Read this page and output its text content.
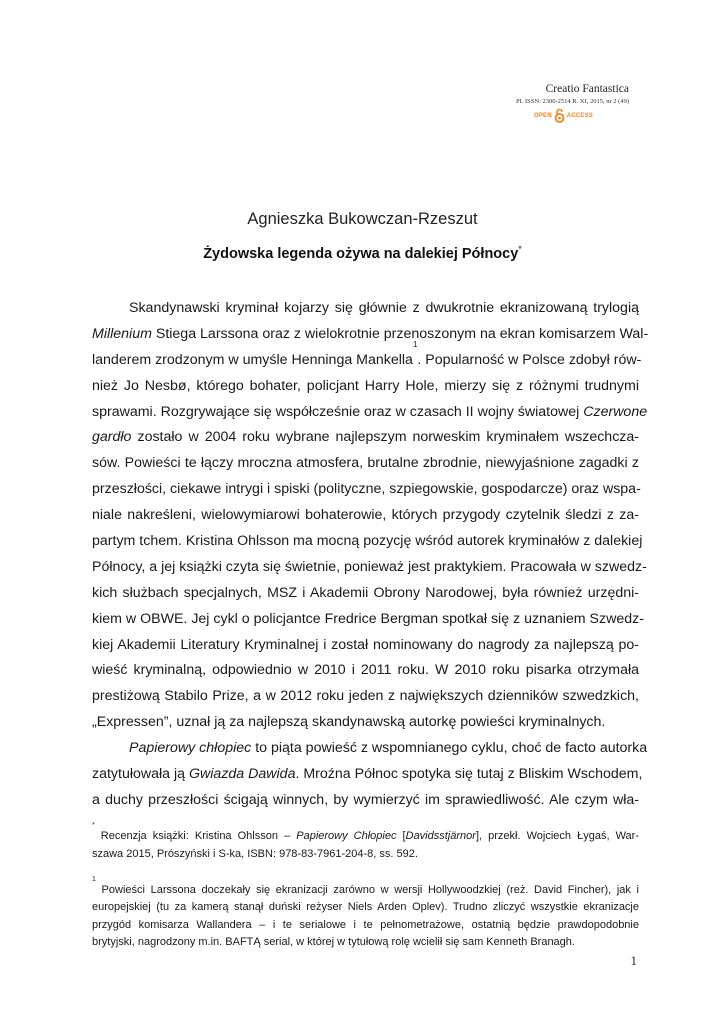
Creatio Fantastica
PL ISSN: 2300-2514 R. XI, 2015, nr 2 (49)
OPEN	ACCESS
Agnieszka Bukowczan-Rzeszut
Żydowska legenda ożywa na dalekiej Północy*
Skandynawski kryminał kojarzy się głównie z dwukrotnie ekranizowaną trylogią
Millenium Stiega Larssona oraz z wielokrotnie przenoszonym na ekran komisarzem Wal-
landerem zrodzonym w umyśle Henninga Mankella$^1$. Popularność w Polsce zdobył rów-
nież Jo Nesbø, którego bohater, policjant Harry Hole, mierzy się z różnymi trudnymi
sprawami. Rozgrywające się współcześnie oraz w czasach II wojny światowej Czerwone
gardło zostało w 2004 roku wybrane najlepszym norweskim kryminałem wszechcza-
sów. Powieści te łączy mroczna atmosfera, brutalne zbrodnie, niewyjaśnione zagadki z
przeszłości, ciekawe intrygi i spiski (polityczne, szpiegowskie, gospodarcze) oraz wspa-
niale nakreśleni, wielowymiarowi bohaterowie, których przygody czytelnik śledzi z za-
partym tchem. Kristina Ohlsson ma mocną pozycję wśród autorek kryminałów z dalekiej
Północy, a jej książki czyta się świetnie, ponieważ jest praktykiem. Pracowała w szwedz-
kich służbach specjalnych, MSZ i Akademii Obrony Narodowej, była również urzędni-
kiem w OBWE. Jej cykl o policjantce Fredrice Bergman spotkał się z uznaniem Szwedz-
kiej Akademii Literatury Kryminalnej i został nominowany do nagrody za najlepszą po-
wieść kryminalną, odpowiednio w 2010 i 2011 roku. W 2010 roku pisarka otrzymała
prestiżową Stabilo Prize, a w 2012 roku jeden z największych dzienników szwedzkich,
„Expressen”, uznał ją za najlepszą skandynawską autorkę powieści kryminalnych.
Papierowy chłopiec to piąta powieść z wspomnianego cyklu, choć de facto autorka
zatytułowała ją Gwiazda Dawida. Mroźna Północ spotyka się tutaj z Bliskim Wschodem,
a duchy przeszłości ścigają winnych, by wymierzyć im sprawiedliwość. Ale czym wła-
* Recenzja książki: Kristina Ohlsson – Papierowy Chłopiec [Davidsstjärnor], przekł. Wojciech Łygaś, War-
szawa 2015, Prószyński i S-ka, ISBN: 978-83-7961-204-8, ss. 592.
$^1$ Powieści Larssona doczekały się ekranizacji zarówno w wersji Hollywoodzkiej (reż. David Fincher), jak i
europejskiej (tu za kamerą stanął duński reżyser Niels Arden Oplev). Trudno zliczyć wszystkie ekranizacje
przygód komisarza Wallandera – i te serialowe i te pełnometrażowe, ostatnią będzie prawdopodobnie
brytyjski, nagrodzony m.in. BAFTĄ serial, w której w tytułową rolę wcielił się sam Kenneth Branagh.
1
